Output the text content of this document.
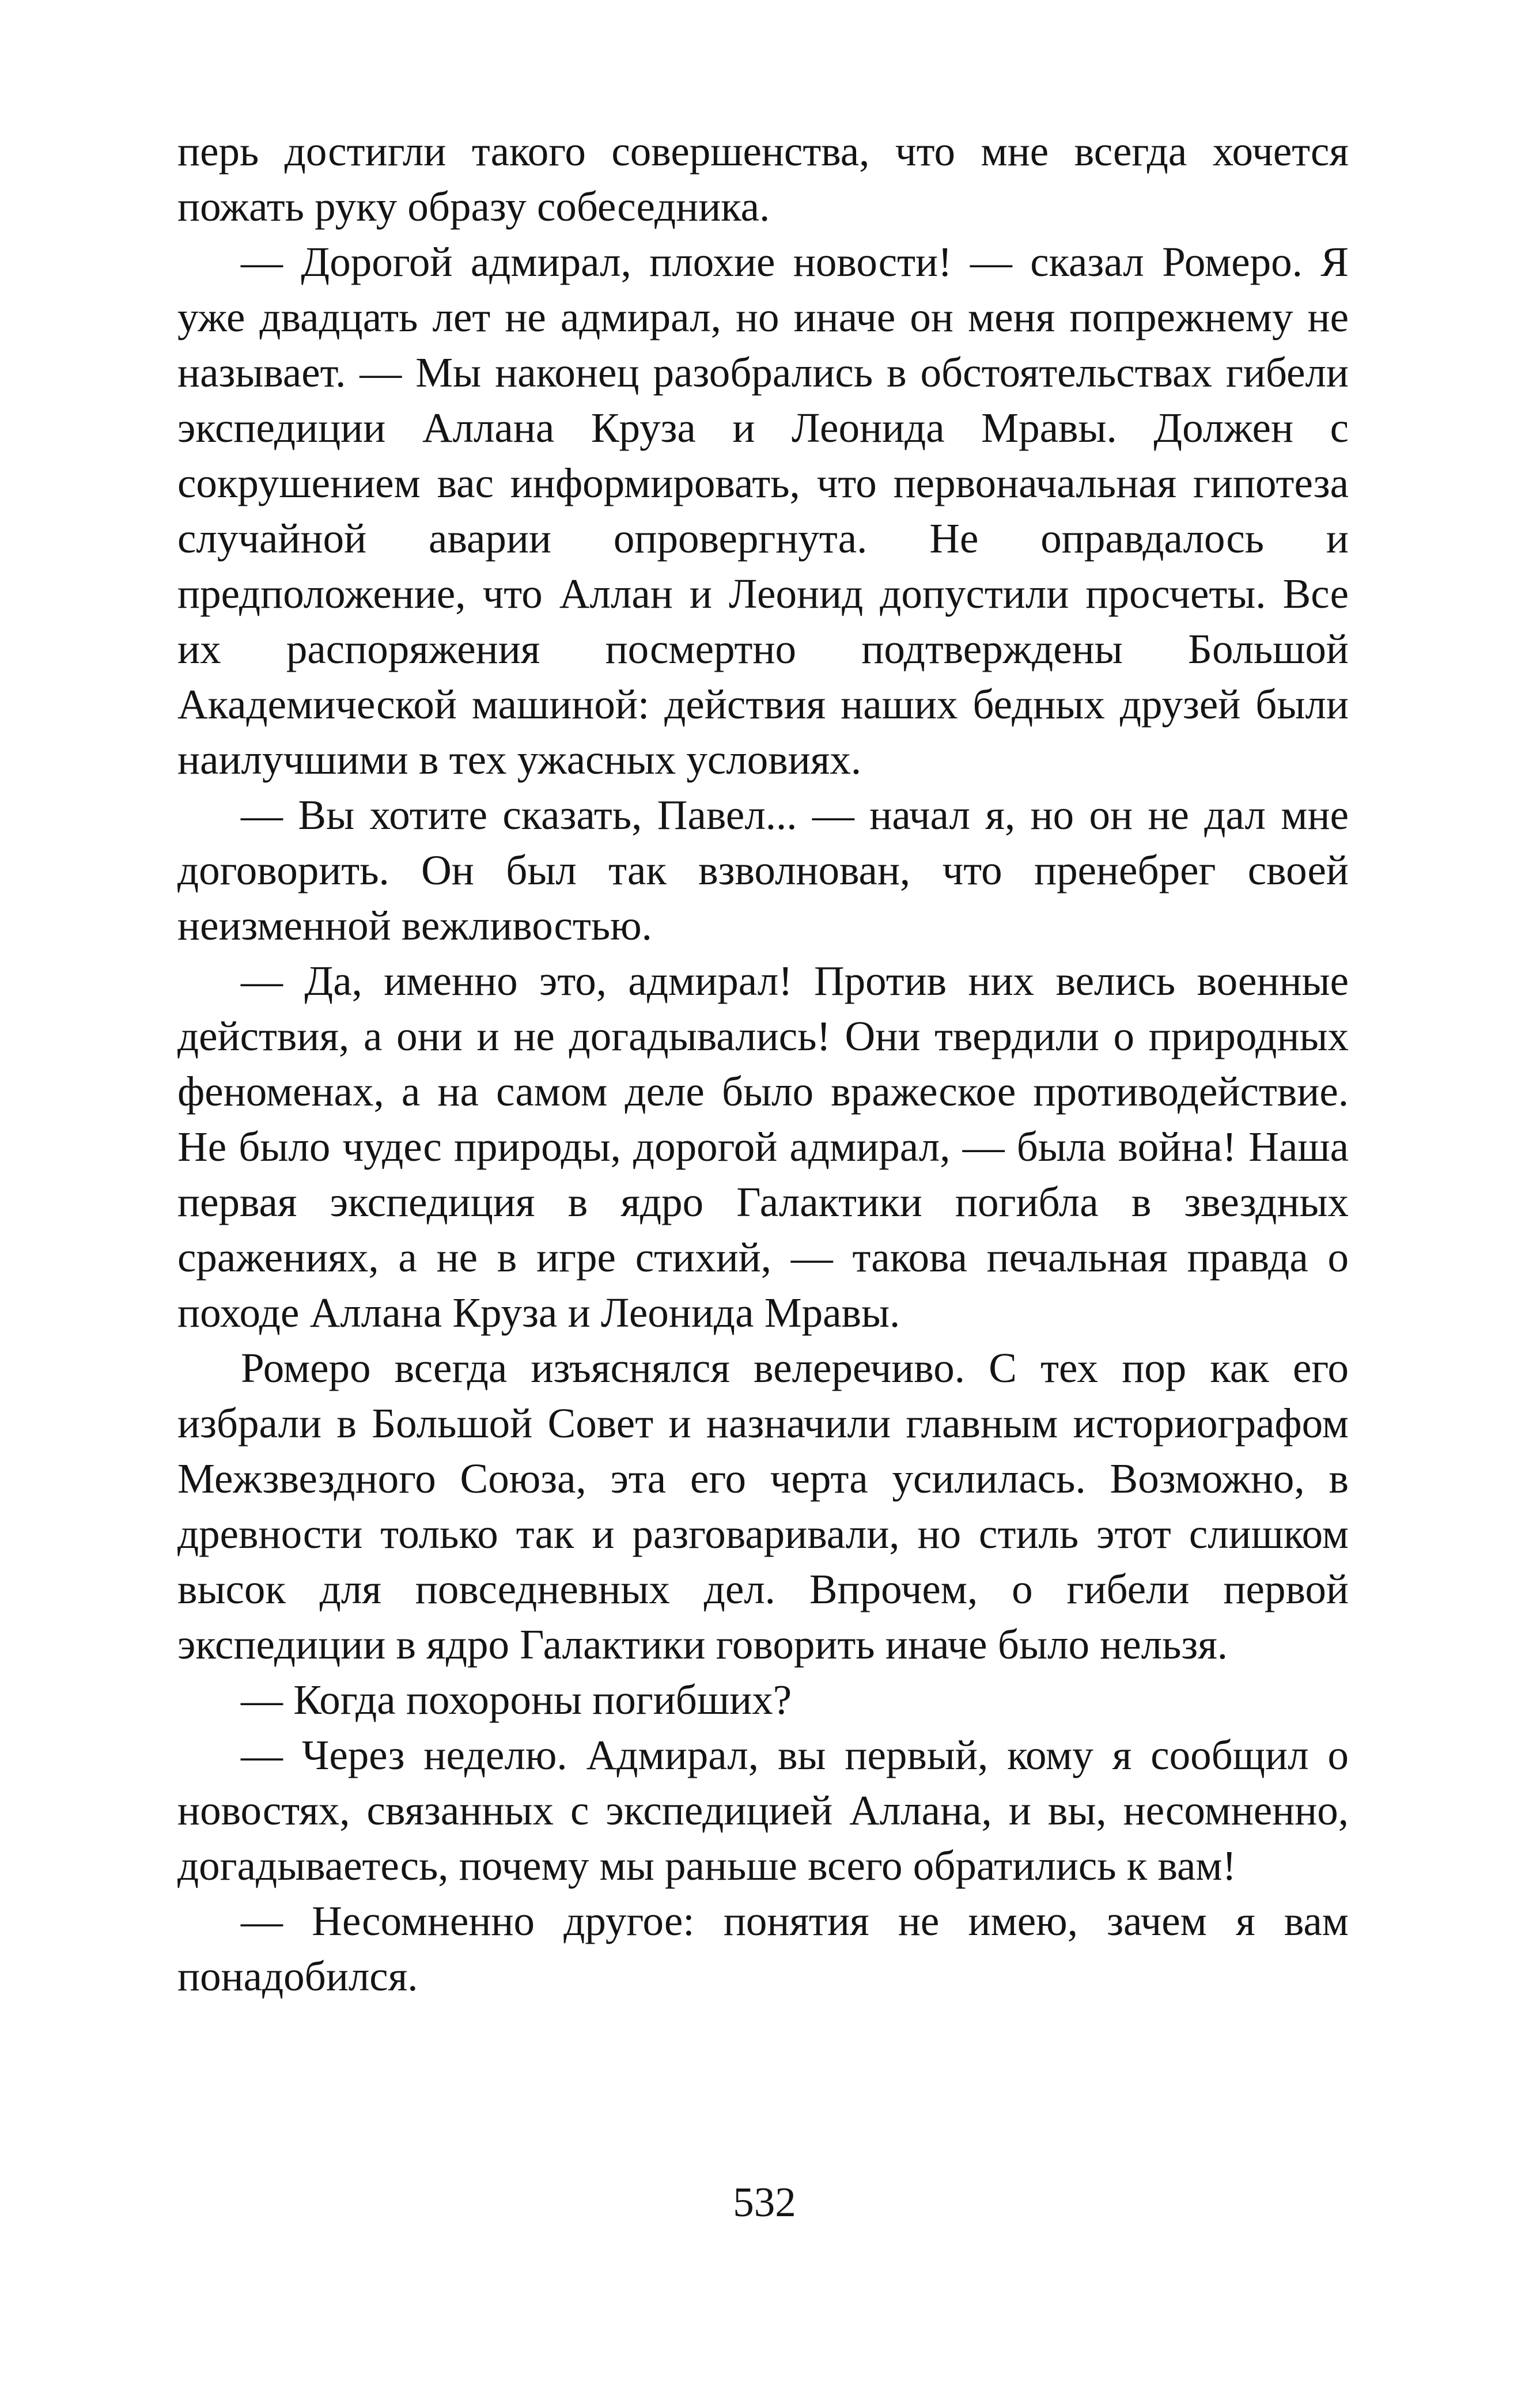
перь достигли такого совершенства, что мне всегда хочется пожать руку образу собеседника.

— Дорогой адмирал, плохие новости! — сказал Ромеро. Я уже двадцать лет не адмирал, но иначе он меня попрежнему не называет. — Мы наконец разобрались в обстоятельствах гибели экспедиции Аллана Круза и Леонида Мравы. Должен с сокрушением вас информировать, что первоначальная гипотеза случайной аварии опровергнута. Не оправдалось и предположение, что Аллан и Леонид допустили просчеты. Все их распоряжения посмертно подтверждены Большой Академической машиной: действия наших бедных друзей были наилучшими в тех ужасных условиях.

— Вы хотите сказать, Павел... — начал я, но он не дал мне договорить. Он был так взволнован, что пренебрег своей неизменной вежливостью.

— Да, именно это, адмирал! Против них велись военные действия, а они и не догадывались! Они твердили о природных феноменах, а на самом деле было вражеское противодействие. Не было чудес природы, дорогой адмирал, — была война! Наша первая экспедиция в ядро Галактики погибла в звездных сражениях, а не в игре стихий, — такова печальная правда о походе Аллана Круза и Леонида Мравы.

Ромеро всегда изъяснялся велеречиво. С тех пор как его избрали в Большой Совет и назначили главным историографом Межзвездного Союза, эта его черта усилилась. Возможно, в древности только так и разговаривали, но стиль этот слишком высок для повседневных дел. Впрочем, о гибели первой экспедиции в ядро Галактики говорить иначе было нельзя.

— Когда похороны погибших?

— Через неделю. Адмирал, вы первый, кому я сообщил о новостях, связанных с экспедицией Аллана, и вы, несомненно, догадываетесь, почему мы раньше всего обратились к вам!

— Несомненно другое: понятия не имею, зачем я вам понадобился.

532
